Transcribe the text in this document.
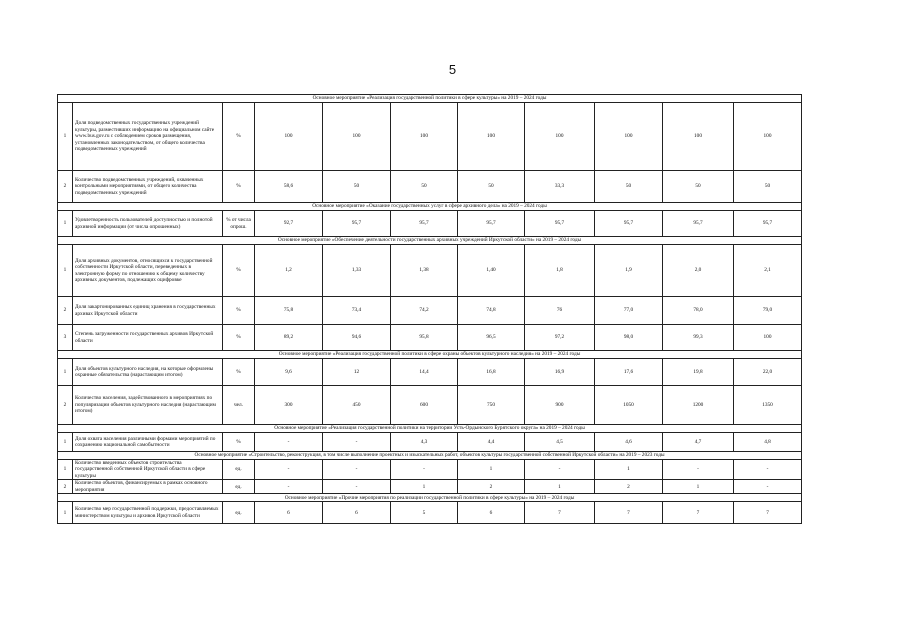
5
Основное мероприятие «Реализация государственной политики в сфере культуры» на 2019 – 2024 годы										
1	Доля подведомственных государственных учреждений культуры, разместивших информацию на официальном сайте www.bus.gov.ru с соблюдением сроков размещения, установленных законодательством, от общего количества подведомственных учреждений	%	100	100	100	100	100	100	100	100
2	Количество подведомственных учреждений, охваченных контрольными мероприятиями, от общего количества подведомственных учреждений	%	58,6	50	50	50	33,3	50	50	50
Основное мероприятие «Оказание государственных услуг в сфере архивного дела» на 2019 – 2024 годы										
1	Удовлетворенность пользователей доступностью и полнотой архивной информации (от числа опрошенных)	% от числа опрош.	92,7	95,7	95,7	95,7	95,7	95,7	95,7	95,7
Основное мероприятие «Обеспечение деятельности государственных архивных учреждений Иркутской области» на 2019 – 2024 годы										
1	Доля архивных документов, относящихся к государственной собственности Иркутской области, переведенных в электронную форму по отношению к общему количеству архивных документов, подлежащих оцифровке	%	1,2	1,33	1,38	1,40	1,8	1,9	2,0	2,1
2	Доля закартонированных единиц хранения в государственных архивах Иркутской области	%	75,8	73,4	74,2	74,8	76	77,0	78,0	79,0
3	Степень загруженности государственных архивов Иркутской области	%	89,2	94,6	95,8	96,5	97,2	98,0	99,3	100
Основное мероприятие «Реализация государственной политики в сфере охраны объектов культурного наследия» на 2019 – 2024 годы										
1	Доля объектов культурного наследия, на которые оформлены охранные обязательства (нарастающим итогом)	%	9,6	12	14,4	16,8	16,9	17,6	19,8	22,0
2	Количество населения, задействованного в мероприятиях по популяризации объектов культурного наследия (нарастающим итогом)	чел.	300	450	600	750	900	1050	1200	1350
Основное мероприятие «Реализация государственной политики на территории Усть-Ордынского Бурятского округа» на 2019 – 2024 годы										
1	Доля охвата населения различными формами мероприятий по сохранению национальной самобытности	%	-	-	4,3	4,4	4,5	4,6	4,7	4,8
Основное мероприятие «Строительство, реконструкция, в том числе выполнение проектных и изыскательных работ, объектов культуры государственной собственной Иркутской области» на 2019 – 2023 годы										
1	Количество введенных объектов строительства государственной собственной Иркутской области в сфере культуры	ед.	-	-	-	1	-	1	-	-
2	Количество объектов, финансируемых в рамках основного мероприятия	ед.	-	-	1	2	1	2	1	-
Основное мероприятие «Прочие мероприятия по реализации государственной политики в сфере культуры» на 2019 – 2024 годы										
1	Количество мер государственной поддержки, предоставляемых министерством культуры и архивов Иркутской области	ед.	6	6	5	6	7	7	7	7
